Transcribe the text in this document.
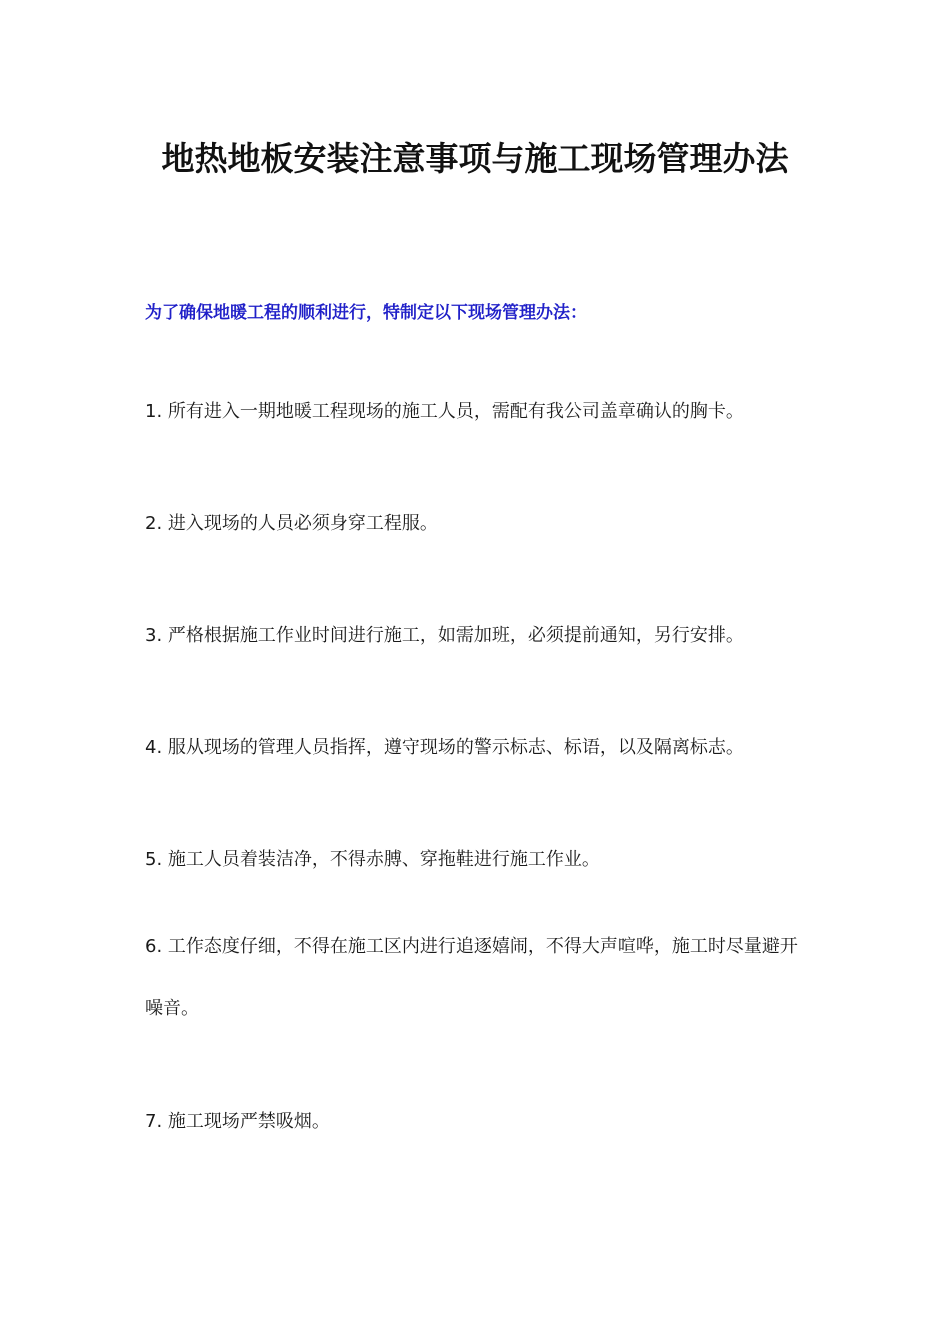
地热地板安装注意事项与施工现场管理办法

为了确保地暖工程的顺利进行，特制定以下现场管理办法：

1. 所有进入一期地暖工程现场的施工人员，需配有我公司盖章确认的胸卡。

2. 进入现场的人员必须身穿工程服。

3. 严格根据施工作业时间进行施工，如需加班，必须提前通知，另行安排。

4. 服从现场的管理人员指挥，遵守现场的警示标志、标语，以及隔离标志。

5. 施工人员着装洁净，不得赤膊、穿拖鞋进行施工作业。

6. 工作态度仔细，不得在施工区内进行追逐嬉闹，不得大声喧哗，施工时尽量避开噪音。

7. 施工现场严禁吸烟。
